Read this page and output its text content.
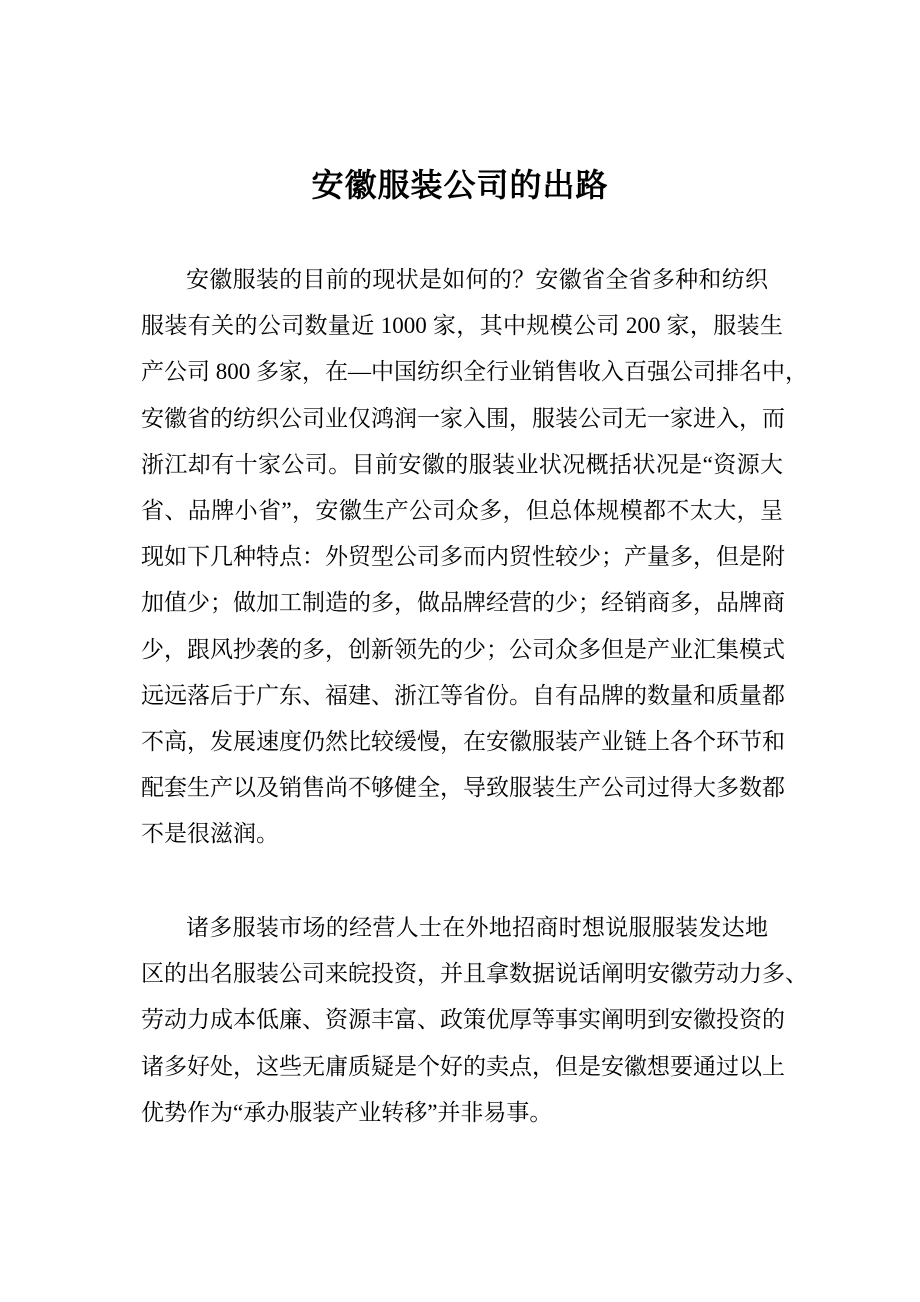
安徽服装公司的出路
安徽服装的目前的现状是如何的？安徽省全省多种和纺织
服装有关的公司数量近 1000 家，其中规模公司 200 家，服装生
产公司 800 多家，在—中国纺织全行业销售收入百强公司排名中，
安徽省的纺织公司业仅鸿润一家入围，服装公司无一家进入，而
浙江却有十家公司。目前安徽的服装业状况概括状况是“资源大
省、品牌小省”，安徽生产公司众多，但总体规模都不太大，呈
现如下几种特点：外贸型公司多而内贸性较少；产量多，但是附
加值少；做加工制造的多，做品牌经营的少；经销商多，品牌商
少，跟风抄袭的多，创新领先的少；公司众多但是产业汇集模式
远远落后于广东、福建、浙江等省份。自有品牌的数量和质量都
不高，发展速度仍然比较缓慢，在安徽服装产业链上各个环节和
配套生产以及销售尚不够健全，导致服装生产公司过得大多数都
不是很滋润。
诸多服装市场的经营人士在外地招商时想说服服装发达地
区的出名服装公司来皖投资，并且拿数据说话阐明安徽劳动力多、
劳动力成本低廉、资源丰富、政策优厚等事实阐明到安徽投资的
诸多好处，这些无庸质疑是个好的卖点，但是安徽想要通过以上
优势作为“承办服装产业转移”并非易事。
